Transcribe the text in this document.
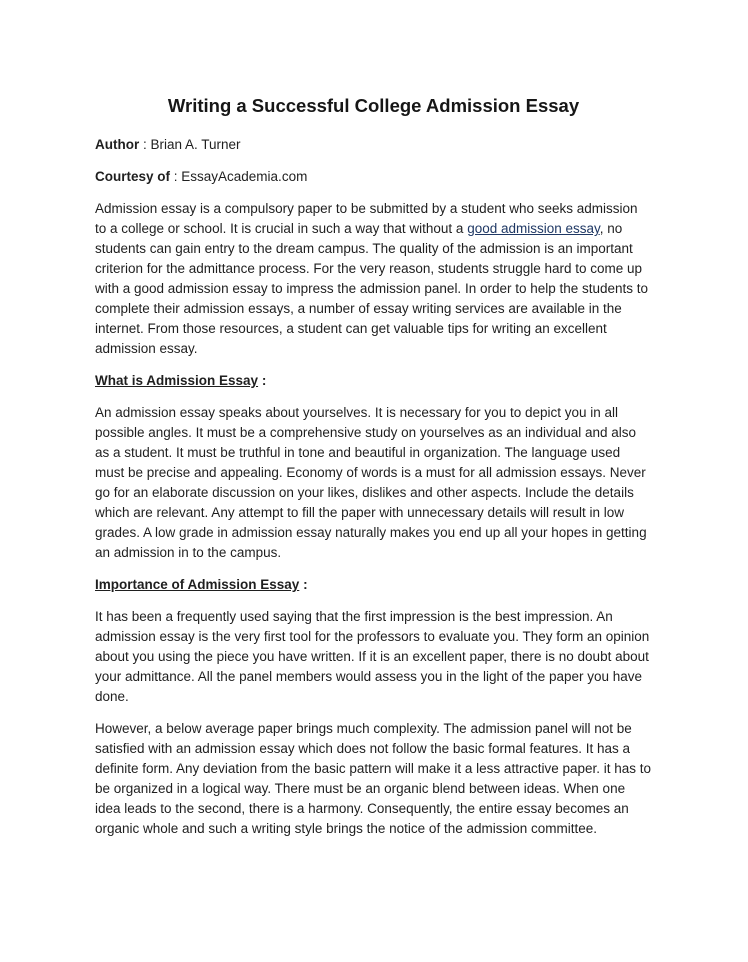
Writing a Successful College Admission Essay

Author : Brian A. Turner

Courtesy of : EssayAcademia.com

Admission essay is a compulsory paper to be submitted by a student who seeks admission to a college or school. It is crucial in such a way that without a good admission essay, no students can gain entry to the dream campus. The quality of the admission is an important criterion for the admittance process. For the very reason, students struggle hard to come up with a good admission essay to impress the admission panel. In order to help the students to complete their admission essays, a number of essay writing services are available in the internet. From those resources, a student can get valuable tips for writing an excellent admission essay.

What is Admission Essay :

An admission essay speaks about yourselves. It is necessary for you to depict you in all possible angles. It must be a comprehensive study on yourselves as an individual and also as a student. It must be truthful in tone and beautiful in organization. The language used must be precise and appealing. Economy of words is a must for all admission essays. Never go for an elaborate discussion on your likes, dislikes and other aspects. Include the details which are relevant. Any attempt to fill the paper with unnecessary details will result in low grades. A low grade in admission essay naturally makes you end up all your hopes in getting an admission in to the campus.

Importance of Admission Essay :

It has been a frequently used saying that the first impression is the best impression. An admission essay is the very first tool for the professors to evaluate you. They form an opinion about you using the piece you have written. If it is an excellent paper, there is no doubt about your admittance. All the panel members would assess you in the light of the paper you have done.

However, a below average paper brings much complexity. The admission panel will not be satisfied with an admission essay which does not follow the basic formal features. It has a definite form. Any deviation from the basic pattern will make it a less attractive paper. it has to be organized in a logical way. There must be an organic blend between ideas. When one idea leads to the second, there is a harmony. Consequently, the entire essay becomes an organic whole and such a writing style brings the notice of the admission committee.
